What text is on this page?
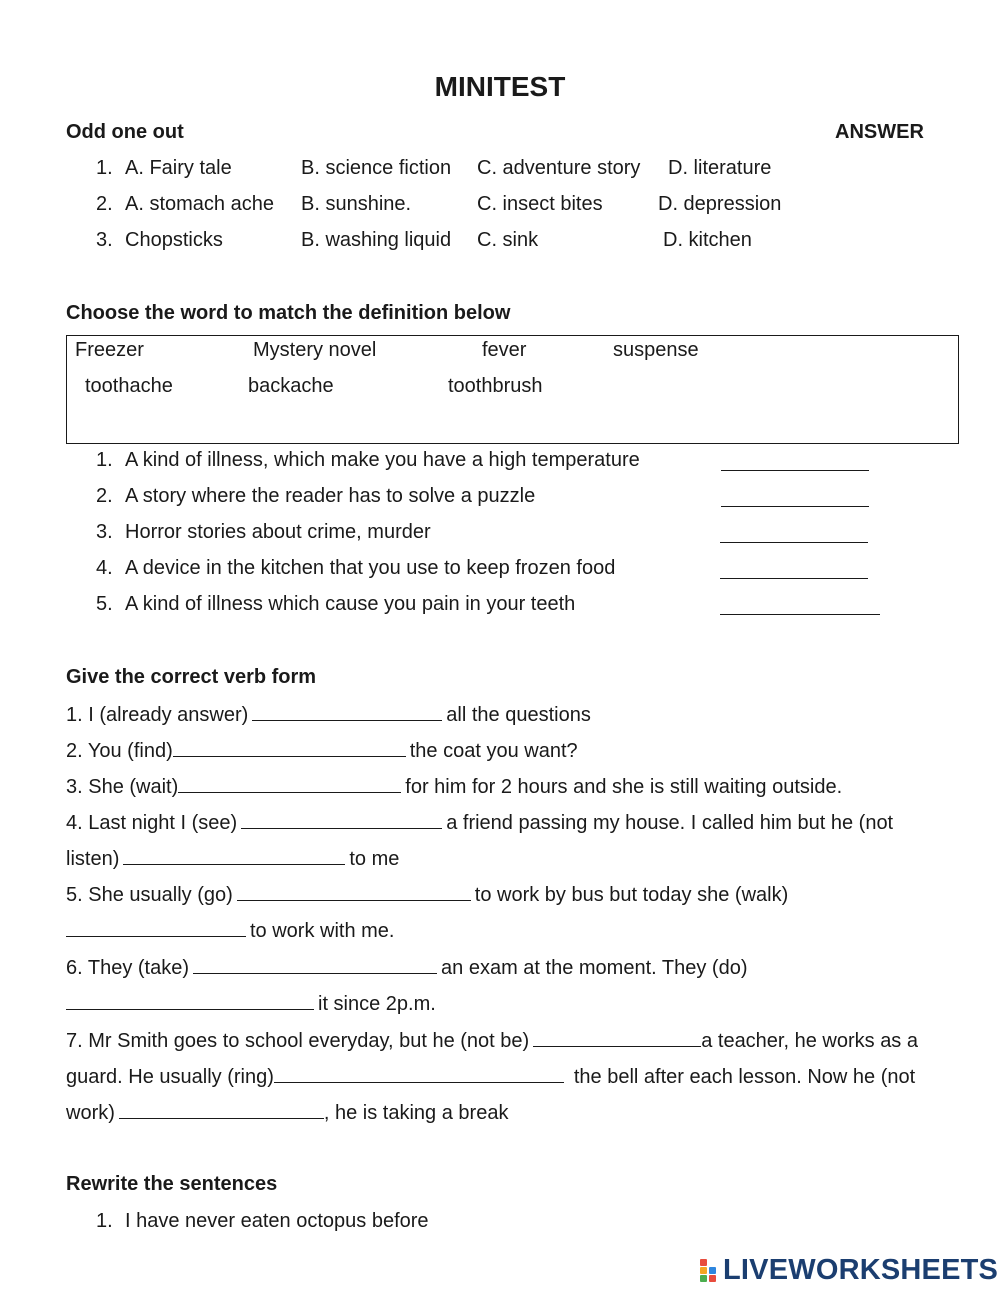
MINITEST
Odd one out	ANSWER
1. A. Fairy tale	B. science fiction C. adventure story D. literature
2. A. stomach ache B. sunshine.	C. insect bites	D. depression
3. Chopsticks	B. washing liquid C. sink	D. kitchen
Choose the word to match the definition below
Freezer	Mystery novel	fever	suspense
toothache	backache	toothbrush
1. A kind of illness, which make you have a high temperature
2. A story where the reader has to solve a puzzle
3. Horror stories about crime, murder
4. A device in the kitchen that you use to keep frozen food
5. A kind of illness which cause you pain in your teeth
Give the correct verb form
1. I (already answer)	all the questions
2. You (find)	the coat you want?
3. She (wait)	for him for 2 hours and she is still waiting outside.
4. Last night I (see)	a friend passing my house. I called him but he (not
listen)	to me
5. She usually (go)	to work by bus but today she (walk)
to work with me.
6. They (take)	an exam at the moment. They (do)
it since 2p.m.
7. Mr Smith goes to school everyday, but he (not be)	a teacher, he works as a
guard. He usually (ring)	the bell after each lesson. Now he (not
work)	, he is taking a break
Rewrite the sentences
1. I have never eaten octopus before
LIVEWORKSHEETS
